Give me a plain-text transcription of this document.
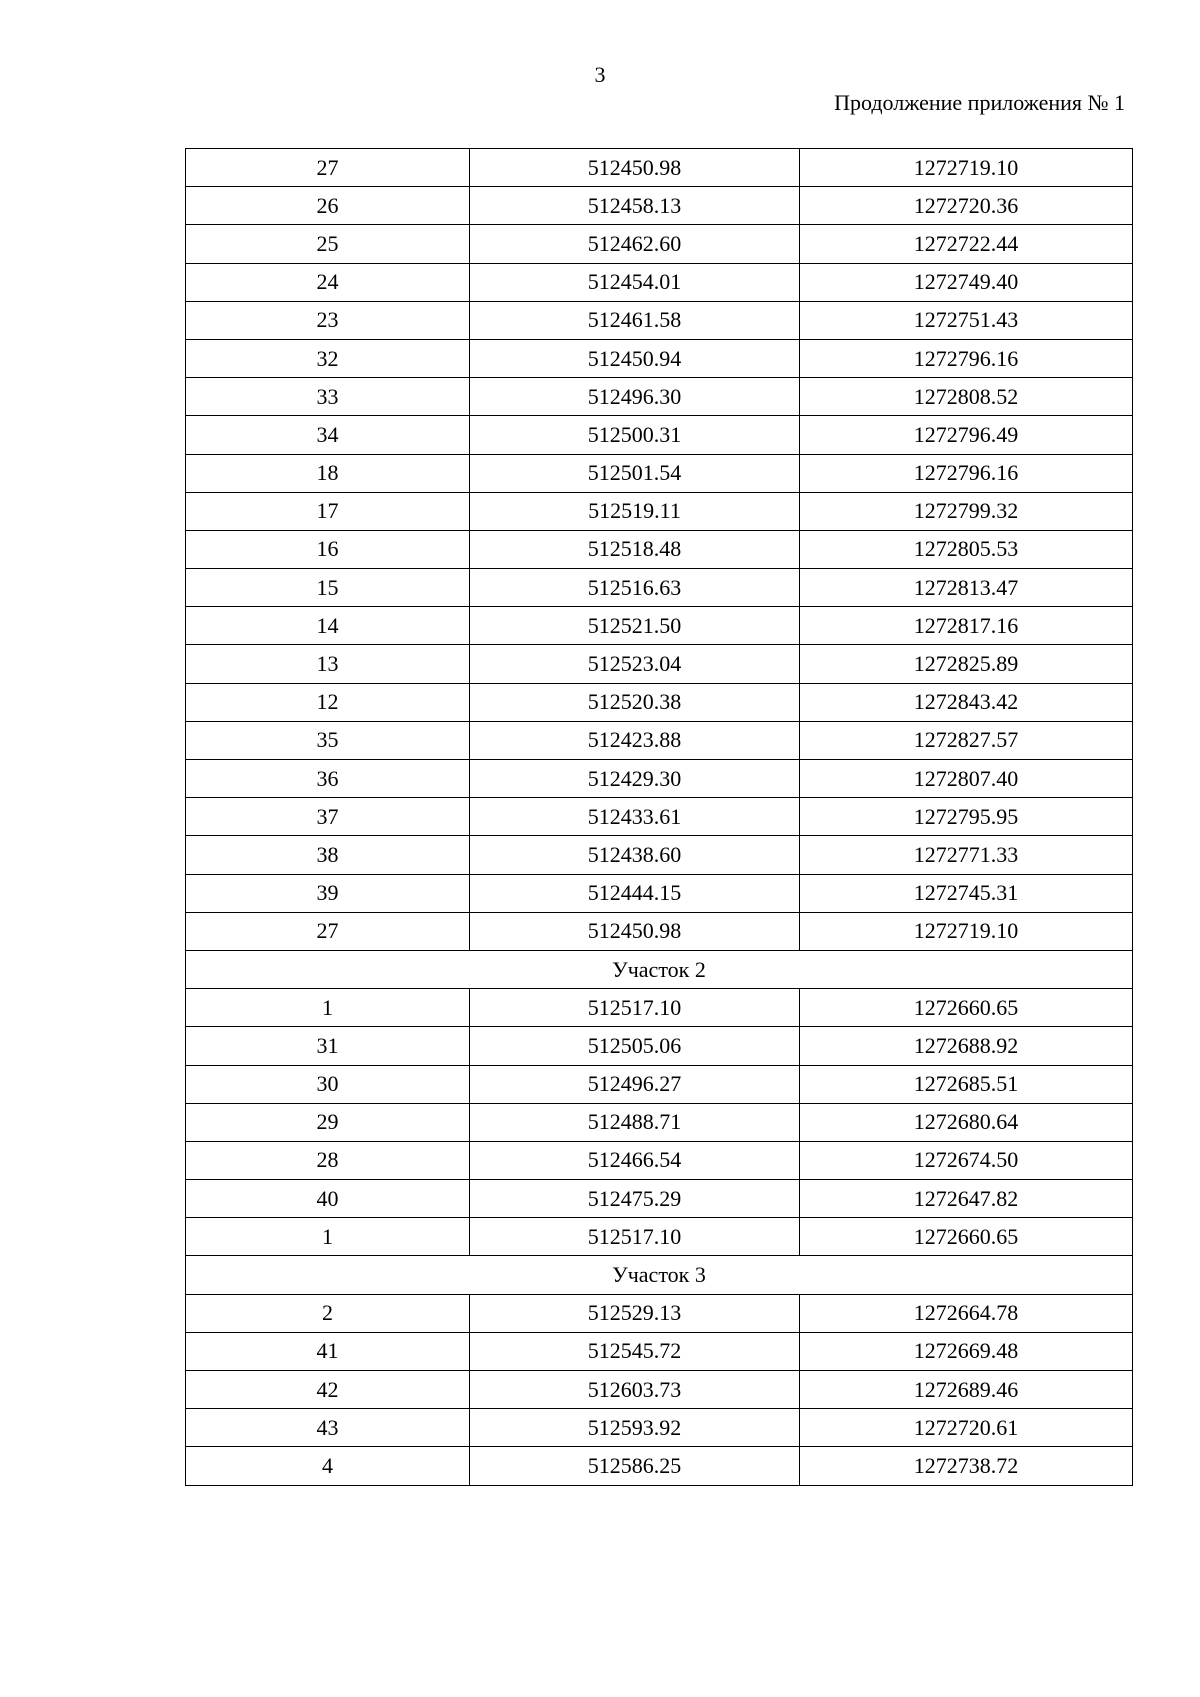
3
Продолжение приложения № 1
27	512450.98	1272719.10
26	512458.13	1272720.36
25	512462.60	1272722.44
24	512454.01	1272749.40
23	512461.58	1272751.43
32	512450.94	1272796.16
33	512496.30	1272808.52
34	512500.31	1272796.49
18	512501.54	1272796.16
17	512519.11	1272799.32
16	512518.48	1272805.53
15	512516.63	1272813.47
14	512521.50	1272817.16
13	512523.04	1272825.89
12	512520.38	1272843.42
35	512423.88	1272827.57
36	512429.30	1272807.40
37	512433.61	1272795.95
38	512438.60	1272771.33
39	512444.15	1272745.31
27	512450.98	1272719.10
Участок 2		
1	512517.10	1272660.65
31	512505.06	1272688.92
30	512496.27	1272685.51
29	512488.71	1272680.64
28	512466.54	1272674.50
40	512475.29	1272647.82
1	512517.10	1272660.65
Участок 3		
2	512529.13	1272664.78
41	512545.72	1272669.48
42	512603.73	1272689.46
43	512593.92	1272720.61
4	512586.25	1272738.72
